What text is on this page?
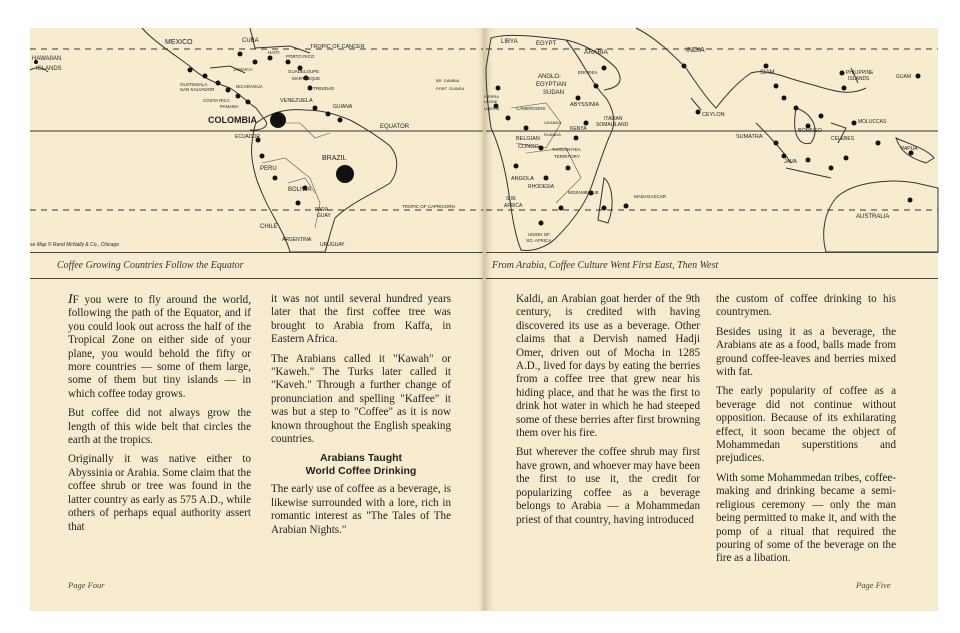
MEXICO	CUBA
TROPIC OF CANCER
HAWAIIAN
ISLANDS
GUATEMALA
SAN SALVADOR
COSTA RICA
PANAMA
JAMAICA
HAITI
PORTO RICO
NICARAGUA
GUADELOUPE
MARTINIQUE
TRINIDAD
VENEZUELA
GUIANA
COLOMBIA
EQUATOR
ECUADOR
PERU
BRAZIL
BOLIVIA
PARA-
GUAY
CHILE
ARGENTINA
URUGUAY
TROPIC OF CAPRICORN
se Map © Rand McNally & Co., Chicago
Coffee Growing Countries Follow the Equator

IF you were to fly around the world, following the path of the Equator, and if you could look out across the half of the Tropical Zone on either side of your plane, you would behold the fifty or more countries — some of them large, some of them but tiny islands — in which coffee today grows.

But coffee did not always grow the length of this wide belt that circles the earth at the tropics.

Originally it was native either to Abyssinia or Arabia. Some claim that the coffee shrub or tree was found in the latter country as early as 575 A.D., while others of perhaps equal authority assert that

it was not until several hundred years later that the first coffee tree was brought to Arabia from Kaffa, in Eastern Africa.

The Arabians called it "Kawah" or "Kaweh." The Turks later called it "Kaveh." Through a further change of pronunciation and spelling "Kaffee" it was but a step to "Coffee" as it is now known throughout the English speaking countries.

Arabians Taught
World Coffee Drinking

The early use of coffee as a beverage, is likewise surrounded with a lore, rich in romantic interest as "The Tales of The Arabian Nights."

Page Four
LIBYA	EGYPT
ARABIA	INDIA
ANGLO-
EGYPTIAN
SUDAN
ABYSSINIA
ERITREA
ITALIAN
SOMALILAND
KENYA
BELGIAN
CONGO	TANGANYIKA
TERRITORY
ANGOLA
RHODESIA
MOZAMBIQUE
MADAGASCAR
S.W.
AFRICA
UNION OF
SO. AFRICA
CAMEROONS
SIAM
CEYLON
SUMATRA
BORNEO
CELEBES
JAVA
PHILIPPINE
ISLANDS	GUAM
MOLUCCAS
PAPUA
AUSTRALIA
LIBERIA
SIERRA
LEONE
PORT. GUINEA
BR. GAMBIA
UGANDA
RUANDA
From Arabia, Coffee Culture Went First East, Then West

Kaldi, an Arabian goat herder of the 9th century, is credited with having discovered its use as a beverage. Other claims that a Dervish named Hadji Omer, driven out of Mocha in 1285 A.D., lived for days by eating the berries from a coffee tree that grew near his hiding place, and that he was the first to drink hot water in which he had steeped some of these berries after first browning them over his fire.

But wherever the coffee shrub may first have grown, and whoever may have been the first to use it, the credit for popularizing coffee as a beverage belongs to Arabia — a Mohammedan priest of that country, having introduced

the custom of coffee drinking to his countrymen.

Besides using it as a beverage, the Arabians ate as a food, balls made from ground coffee-leaves and berries mixed with fat.

The early popularity of coffee as a beverage did not continue without opposition. Because of its exhilarating effect, it soon became the object of Mohammedan superstitions and prejudices.

With some Mohammedan tribes, coffee-making and drinking became a semi-religious ceremony — only the man being permitted to make it, and with the pomp of a ritual that required the pouring of some of the beverage on the fire as a libation.

Page Five
